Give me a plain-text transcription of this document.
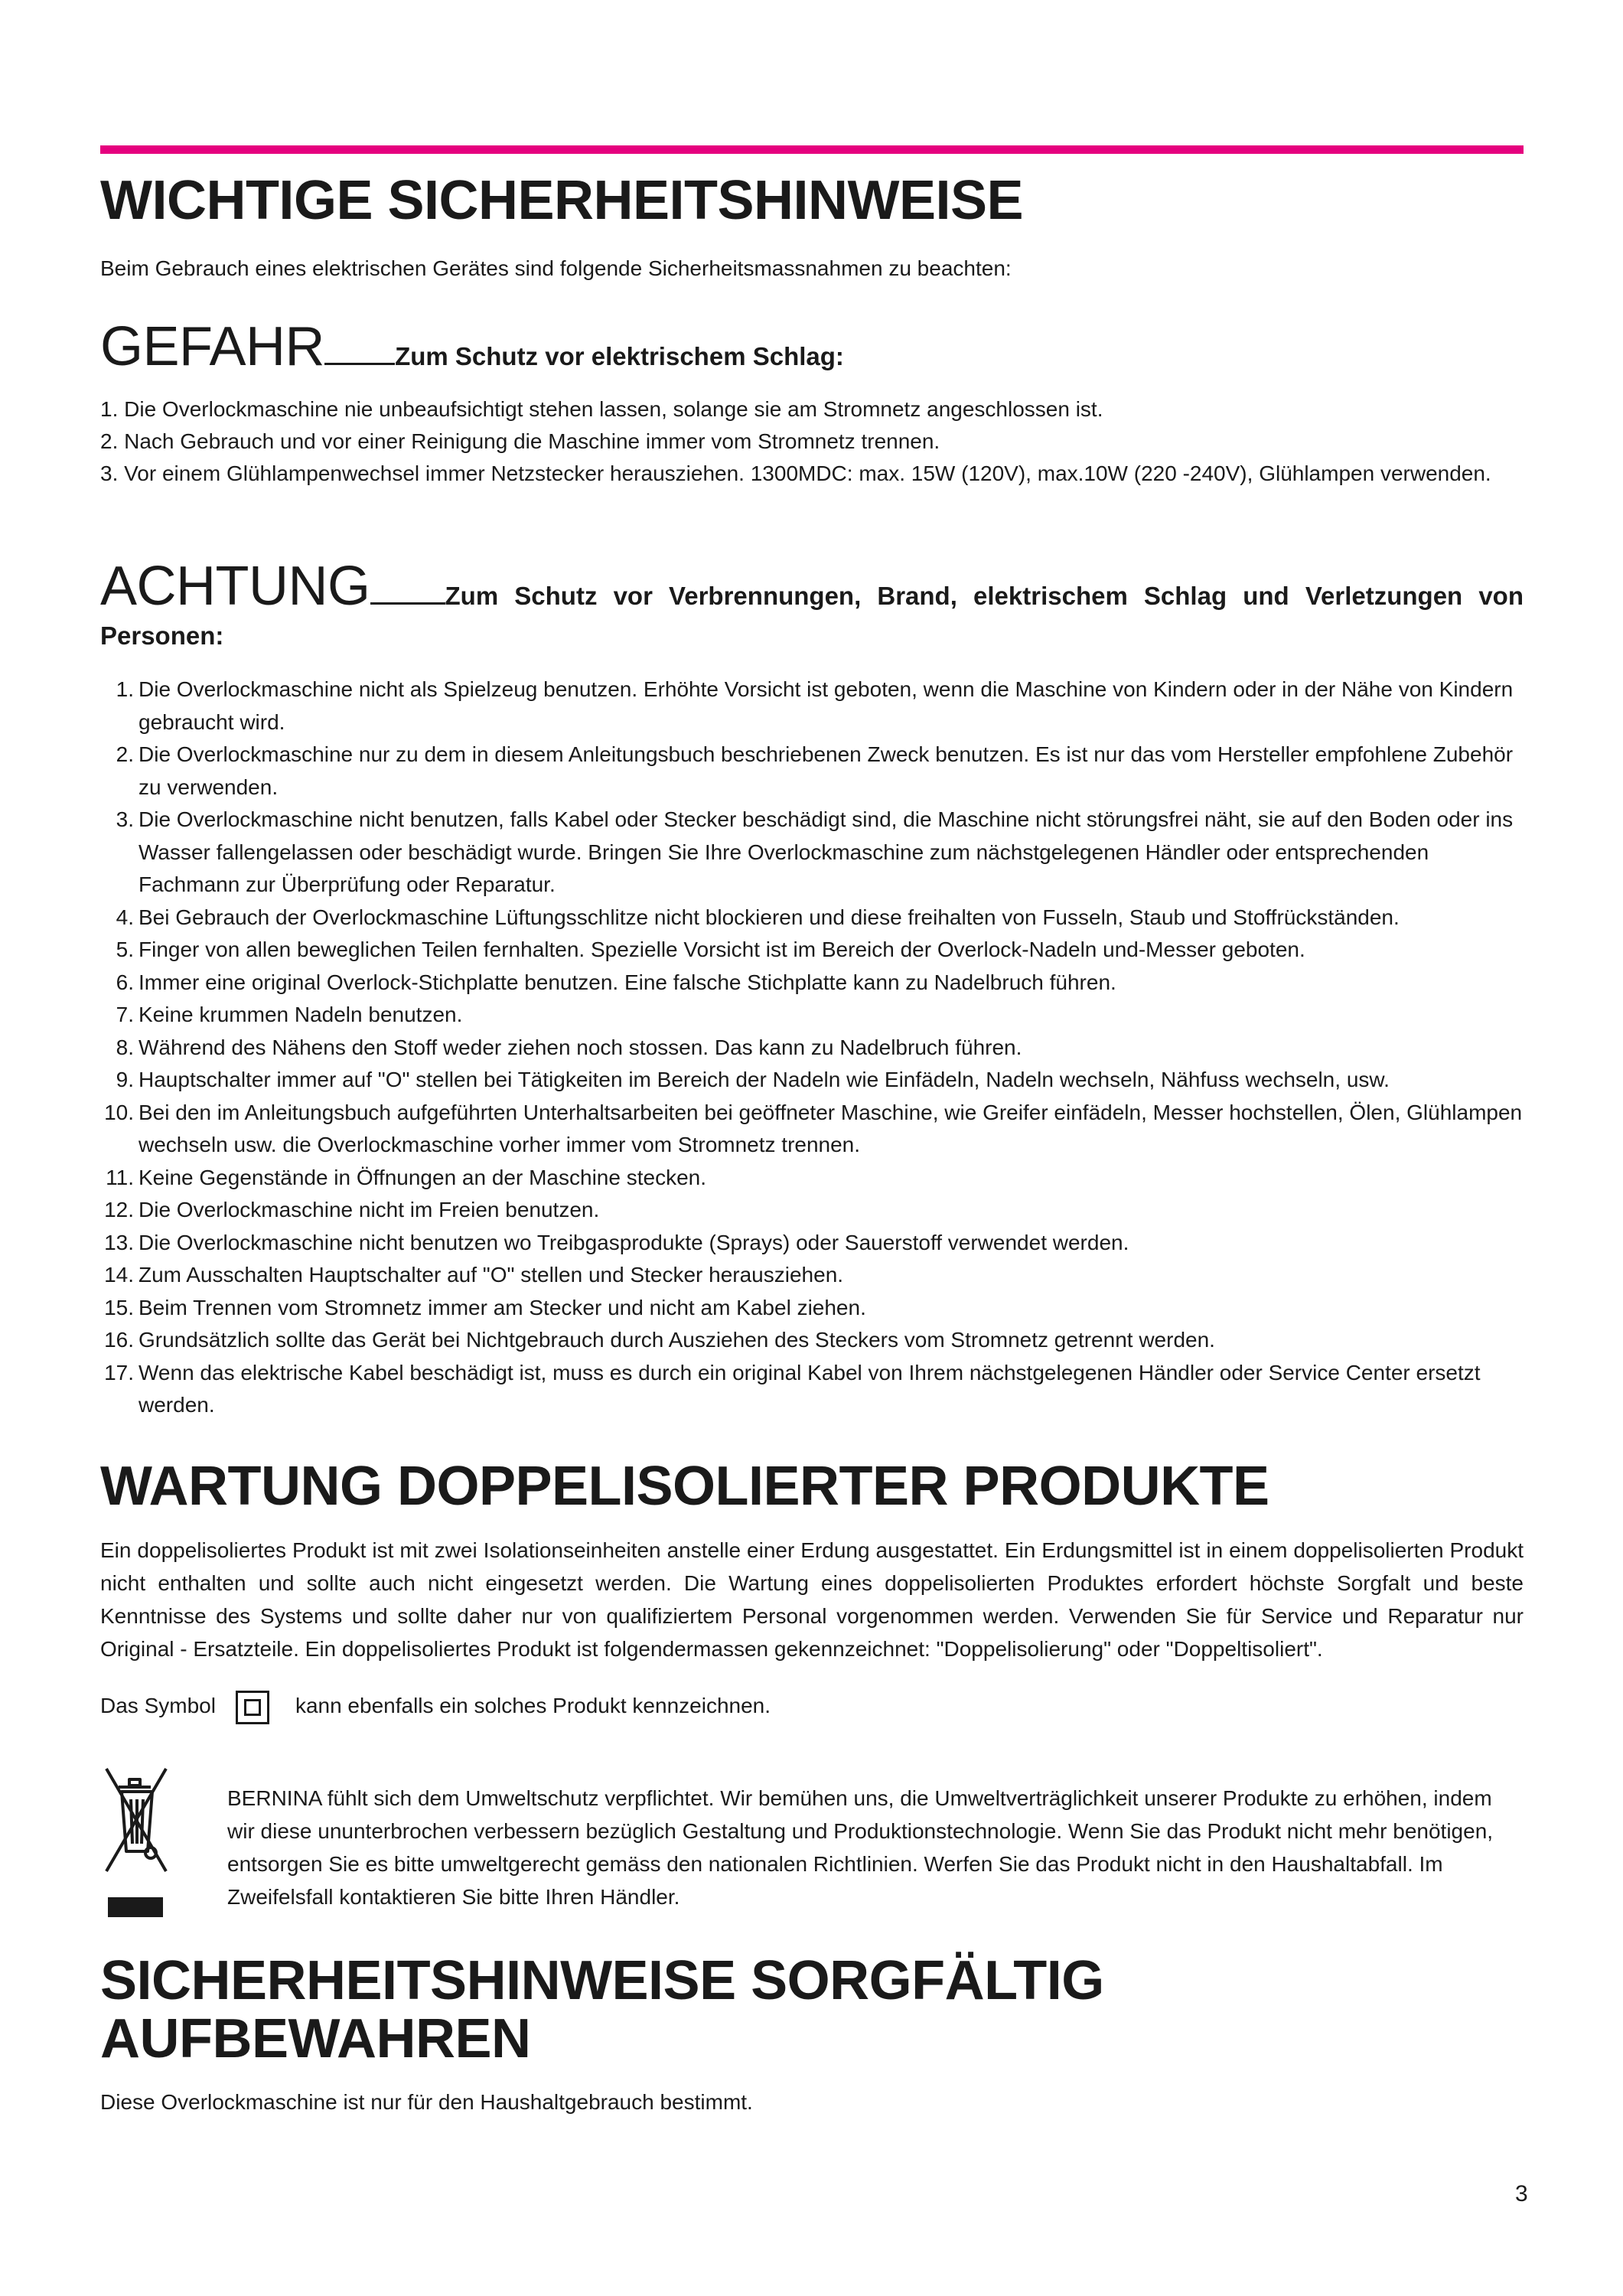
WICHTIGE SICHERHEITSHINWEISE

Beim Gebrauch eines elektrischen Gerätes sind folgende Sicherheitsmassnahmen zu beachten:

GEFAHR	Zum Schutz vor elektrischem Schlag:

1. Die Overlockmaschine nie unbeaufsichtigt stehen lassen, solange sie am Stromnetz angeschlossen ist.

2. Nach Gebrauch und vor einer Reinigung die Maschine immer vom Stromnetz trennen.

3. Vor einem Glühlampenwechsel immer Netzstecker herausziehen. 1300MDC: max. 15W (120V), max.10W (220 -240V), Glühlampen verwenden.

ACHTUNG	Zum Schutz vor Verbrennungen, Brand, elektrischem Schlag und Verletzungen von

Personen:

1. Die Overlockmaschine nicht als Spielzeug benutzen. Erhöhte Vorsicht ist geboten, wenn die Maschine von Kindern oder in der Nähe von Kindern gebraucht wird.
2. Die Overlockmaschine nur zu dem in diesem Anleitungsbuch beschriebenen Zweck benutzen. Es ist nur das vom Hersteller empfohlene Zubehör zu verwenden.
3. Die Overlockmaschine nicht benutzen, falls Kabel oder Stecker beschädigt sind, die Maschine nicht störungsfrei näht, sie auf den Boden oder ins Wasser fallengelassen oder beschädigt wurde. Bringen Sie Ihre Overlockmaschine zum nächstgelegenen Händler oder entsprechenden Fachmann zur Überprüfung oder Reparatur.
4. Bei Gebrauch der Overlockmaschine Lüftungsschlitze nicht blockieren und diese freihalten von Fusseln, Staub und Stoffrückständen.
5. Finger von allen beweglichen Teilen fernhalten. Spezielle Vorsicht ist im Bereich der Overlock-Nadeln und-Messer geboten.
6. Immer eine original Overlock-Stichplatte benutzen. Eine falsche Stichplatte kann zu Nadelbruch führen.
7. Keine krummen Nadeln benutzen.
8. Während des Nähens den Stoff weder ziehen noch stossen. Das kann zu Nadelbruch führen.
9. Hauptschalter immer auf "O" stellen bei Tätigkeiten im Bereich der Nadeln wie Einfädeln, Nadeln wechseln, Nähfuss wechseln, usw.
10. Bei den im Anleitungsbuch aufgeführten Unterhaltsarbeiten bei geöffneter Maschine, wie Greifer einfädeln, Messer hochstellen, Ölen, Glühlampen wechseln usw. die Overlockmaschine vorher immer vom Stromnetz trennen.
11. Keine Gegenstände in Öffnungen an der Maschine stecken.
12. Die Overlockmaschine nicht im Freien benutzen.
13. Die Overlockmaschine nicht benutzen wo Treibgasprodukte (Sprays) oder Sauerstoff verwendet werden.
14. Zum Ausschalten Hauptschalter auf "O" stellen und Stecker herausziehen.
15. Beim Trennen vom Stromnetz immer am Stecker und nicht am Kabel ziehen.
16. Grundsätzlich sollte das Gerät bei Nichtgebrauch durch Ausziehen des Steckers vom Stromnetz getrennt werden.
17. Wenn das elektrische Kabel beschädigt ist, muss es durch ein original Kabel von Ihrem nächstgelegenen Händler oder Service Center ersetzt werden.
WARTUNG DOPPELISOLIERTER PRODUKTE

Ein doppelisoliertes Produkt ist mit zwei Isolationseinheiten anstelle einer Erdung ausgestattet. Ein Erdungsmittel ist in einem doppelisolierten Produkt nicht enthalten und sollte auch nicht eingesetzt werden. Die Wartung eines doppelisolierten Produktes erfordert höchste Sorgfalt und beste Kenntnisse des Systems und sollte daher nur von qualifiziertem Personal vorgenommen werden. Verwenden Sie für Service und Reparatur nur Original - Ersatzteile. Ein doppelisoliertes Produkt ist folgendermassen gekennzeichnet: "Doppelisolierung" oder "Doppeltisoliert".

Das Symbol	kann ebenfalls ein solches Produkt kennzeichnen.

BERNINA fühlt sich dem Umweltschutz verpflichtet. Wir bemühen uns, die Umweltverträglichkeit unserer Produkte zu erhöhen, indem wir diese ununterbrochen verbessern bezüglich Gestaltung und Produktionstechnologie. Wenn Sie das Produkt nicht mehr benötigen, entsorgen Sie es bitte umweltgerecht gemäss den nationalen Richtlinien. Werfen Sie das Produkt nicht in den Haushaltabfall. Im Zweifelsfall kontaktieren Sie bitte Ihren Händler.

SICHERHEITSHINWEISE SORGFÄLTIG
AUFBEWAHREN

Diese Overlockmaschine ist nur für den Haushaltgebrauch bestimmt.

3
